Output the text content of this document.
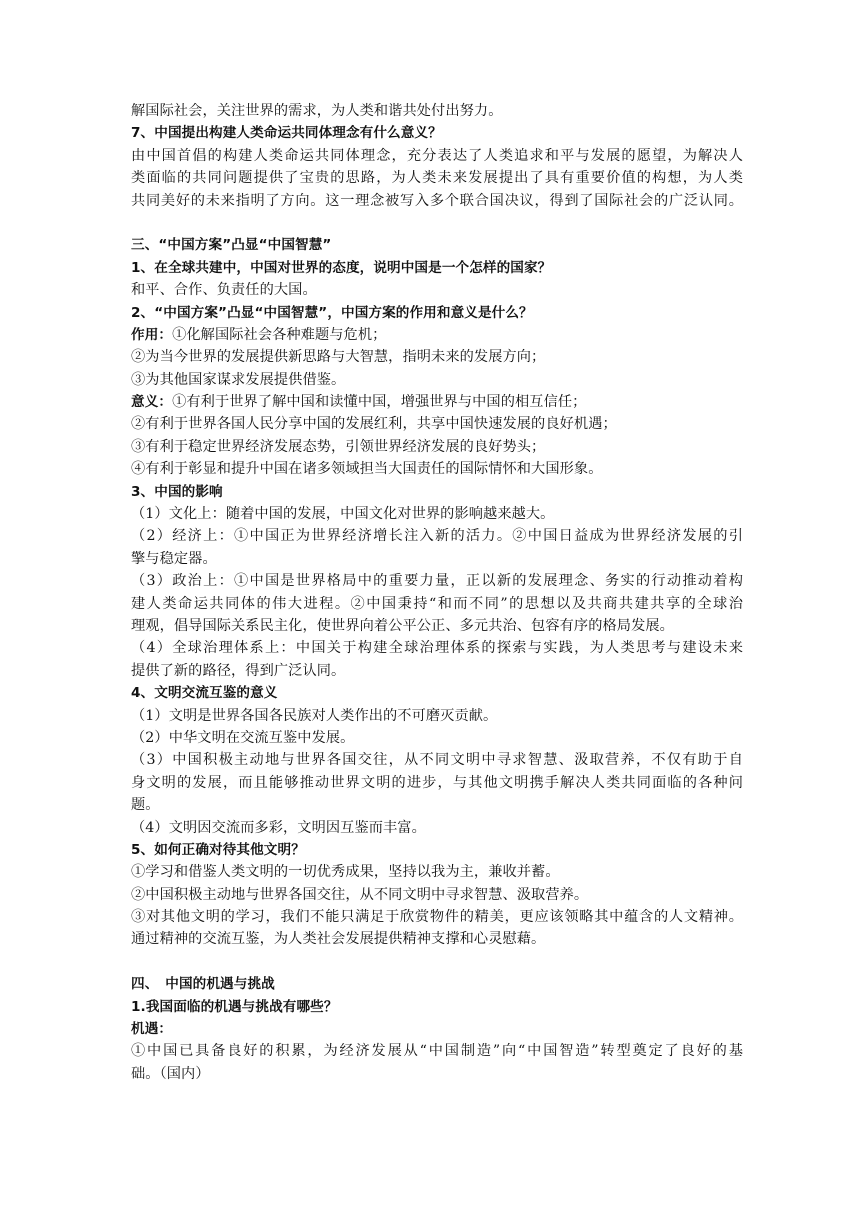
解国际社会，关注世界的需求，为人类和谐共处付出努力。
7、中国提出构建人类命运共同体理念有什么意义？
由中国首倡的构建人类命运共同体理念，充分表达了人类追求和平与发展的愿望，为解决人
类面临的共同问题提供了宝贵的思路，为人类未来发展提出了具有重要价值的构想，为人类
共同美好的未来指明了方向。这一理念被写入多个联合国决议，得到了国际社会的广泛认同。
三、“中国方案”凸显“中国智慧”
1、在全球共建中，中国对世界的态度，说明中国是一个怎样的国家？
和平、合作、负责任的大国。
2、“中国方案”凸显“中国智慧”，中国方案的作用和意义是什么？
作用：①化解国际社会各种难题与危机；
②为当今世界的发展提供新思路与大智慧，指明未来的发展方向；
③为其他国家谋求发展提供借鉴。
意义：①有利于世界了解中国和读懂中国，增强世界与中国的相互信任；
②有利于世界各国人民分享中国的发展红利，共享中国快速发展的良好机遇；
③有利于稳定世界经济发展态势，引领世界经济发展的良好势头；
④有利于彰显和提升中国在诸多领域担当大国责任的国际情怀和大国形象。
3、中国的影响
（1）文化上：随着中国的发展，中国文化对世界的影响越来越大。
（2）经济上：①中国正为世界经济增长注入新的活力。②中国日益成为世界经济发展的引
擎与稳定器。
（3）政治上：①中国是世界格局中的重要力量，正以新的发展理念、务实的行动推动着构
建人类命运共同体的伟大进程。②中国秉持“和而不同”的思想以及共商共建共享的全球治
理观，倡导国际关系民主化，使世界向着公平公正、多元共治、包容有序的格局发展。
（4）全球治理体系上：中国关于构建全球治理体系的探索与实践，为人类思考与建设未来
提供了新的路径，得到广泛认同。
4、文明交流互鉴的意义
（1）文明是世界各国各民族对人类作出的不可磨灭贡献。
（2）中华文明在交流互鉴中发展。
（3）中国积极主动地与世界各国交往，从不同文明中寻求智慧、汲取营养，不仅有助于自
身文明的发展，而且能够推动世界文明的进步，与其他文明携手解决人类共同面临的各种问
题。
（4）文明因交流而多彩，文明因互鉴而丰富。
5、如何正确对待其他文明？
①学习和借鉴人类文明的一切优秀成果，坚持以我为主，兼收并蓄。
②中国积极主动地与世界各国交往，从不同文明中寻求智慧、汲取营养。
③对其他文明的学习，我们不能只满足于欣赏物件的精美，更应该领略其中蕴含的人文精神。
通过精神的交流互鉴，为人类社会发展提供精神支撑和心灵慰藉。
四、　中国的机遇与挑战
1.我国面临的机遇与挑战有哪些？
机遇：
①中国已具备良好的积累，为经济发展从“中国制造”向“中国智造”转型奠定了良好的基
础。（国内）
